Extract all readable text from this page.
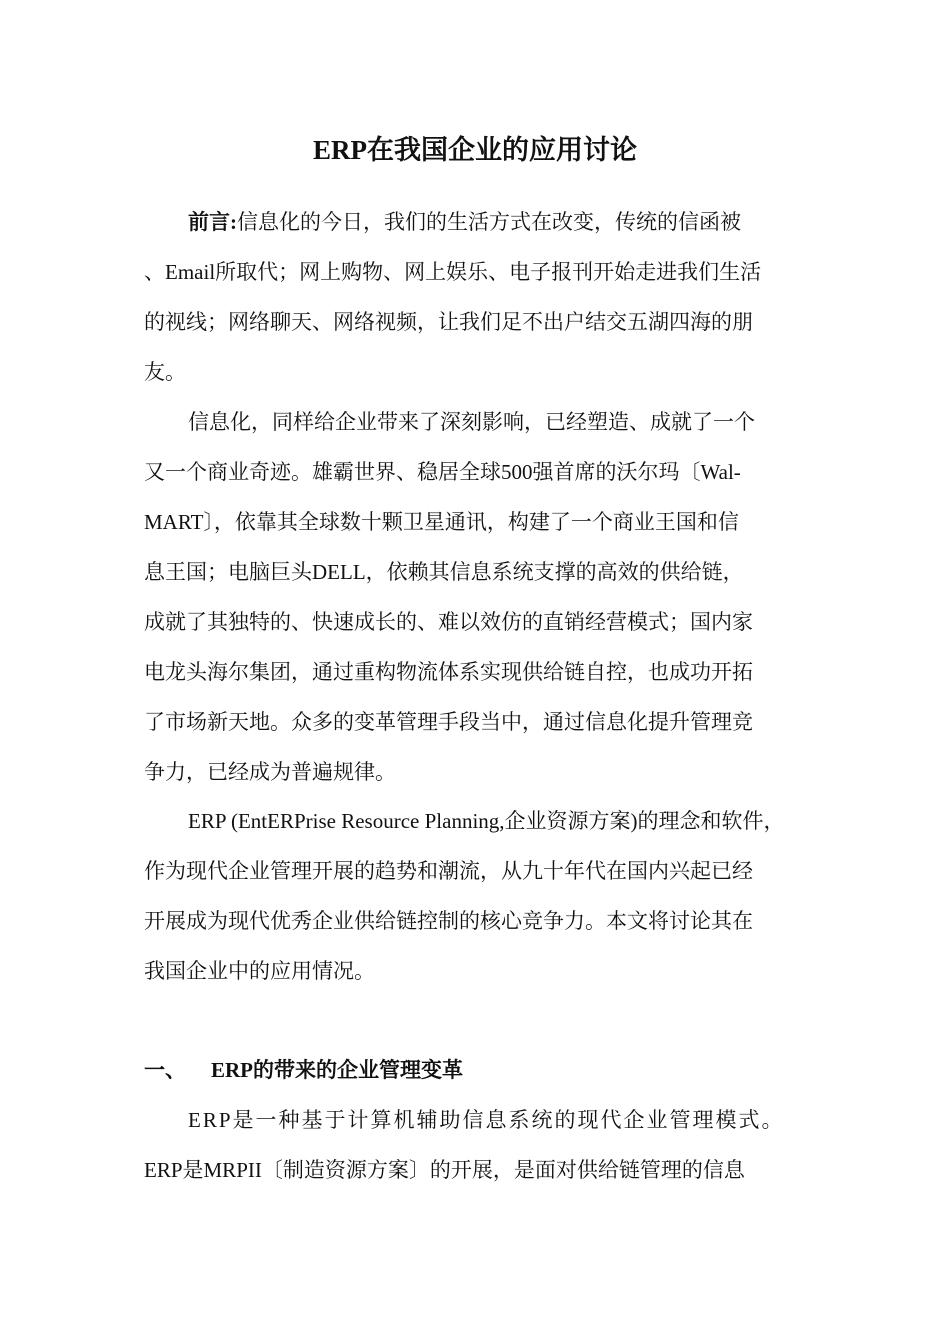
ERP在我国企业的应用讨论
前言:信息化的今日，我们的生活方式在改变，传统的信函被
、Email所取代；网上购物、网上娱乐、电子报刊开始走进我们生活
的视线；网络聊天、网络视频，让我们足不出户结交五湖四海的朋
友。
信息化，同样给企业带来了深刻影响，已经塑造、成就了一个
又一个商业奇迹。雄霸世界、稳居全球500强首席的沃尔玛〔Wal-
MART〕，依靠其全球数十颗卫星通讯，构建了一个商业王国和信
息王国；电脑巨头DELL，依赖其信息系统支撑的高效的供给链，
成就了其独特的、快速成长的、难以效仿的直销经营模式；国内家
电龙头海尔集团，通过重构物流体系实现供给链自控，也成功开拓
了市场新天地。众多的变革管理手段当中，通过信息化提升管理竞
争力，已经成为普遍规律。
ERP (EntERPrise Resource Planning,企业资源方案)的理念和软件，
作为现代企业管理开展的趋势和潮流，从九十年代在国内兴起已经
开展成为现代优秀企业供给链控制的核心竞争力。本文将讨论其在
我国企业中的应用情况。
一、 ERP的带来的企业管理变革
ERP是一种基于计算机辅助信息系统的现代企业管理模式。
ERP是MRPII〔制造资源方案〕的开展，是面对供给链管理的信息
